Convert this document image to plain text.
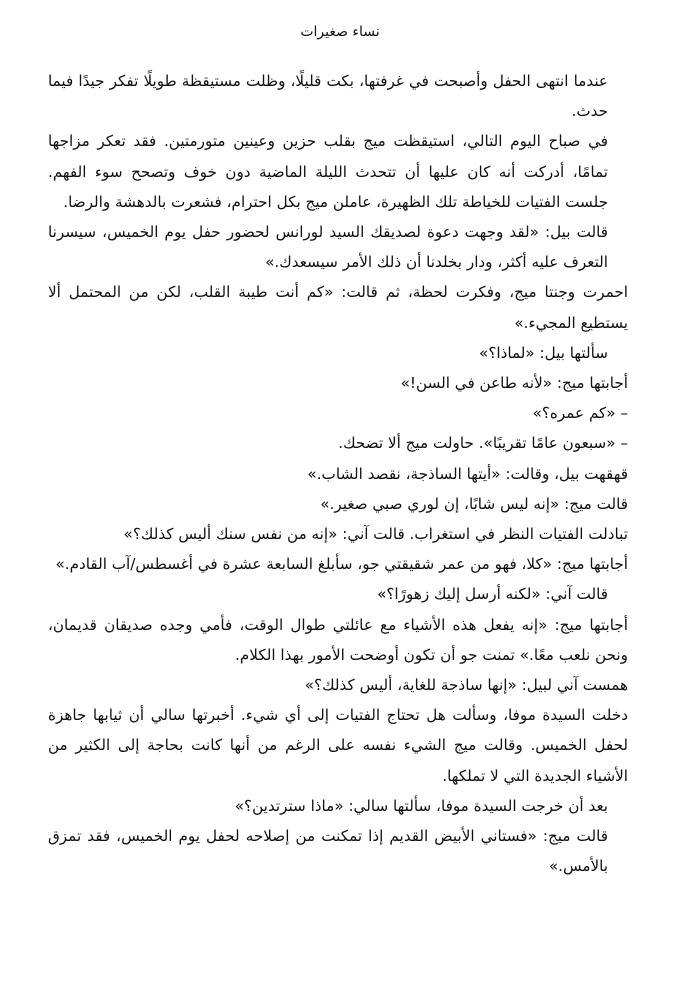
نساء صغيرات

عندما انتهى الحفل وأصبحت في غرفتها، بكت قليلًا، وظلت مستيقظة طويلًا تفكر جيدًا فيما حدث.

في صباح اليوم التالي، استيقظت ميج بقلب حزين وعينين متورمتين. فقد تعكر مزاجها تمامًا، أدركت أنه كان عليها أن تتحدث الليلة الماضية دون خوف وتصحح سوء الفهم. جلست الفتيات للخياطة تلك الظهيرة، عاملن ميج بكل احترام، فشعرت بالدهشة والرضا.

قالت بيل: «لقد وجهت دعوة لصديقك السيد لورانس لحضور حفل يوم الخميس، سيسرنا التعرف عليه أكثر، ودار بخلدنا أن ذلك الأمر سيسعدك.»

احمرت وجنتا ميج، وفكرت لحظة، ثم قالت: «كم أنت طيبة القلب، لكن من المحتمل ألا يستطيع المجيء.»

سألتها بيل: «لماذا؟»

أجابتها ميج: «لأنه طاعن في السن!»

– «كم عمره؟»

– «سبعون عامًا تقريبًا». حاولت ميج ألا تضحك.

قهقهت بيل، وقالت: «أيتها الساذجة، نقصد الشاب.»

قالت ميج: «إنه ليس شابًا، إن لوري صبي صغير.»

تبادلت الفتيات النظر في استغراب. قالت آني: «إنه من نفس سنك أليس كذلك؟»

أجابتها ميج: «كلا، فهو من عمر شقيقتي جو، سأبلغ السابعة عشرة في أغسطس/آب القادم.»

قالت آني: «لكنه أرسل إليك زهورًا؟»

أجابتها ميج: «إنه يفعل هذه الأشياء مع عائلتي طوال الوقت، فأمي وجده صديقان قديمان، ونحن نلعب معًا.» تمنت جو أن تكون أوضحت الأمور بهذا الكلام.

همست آني لبيل: «إنها ساذجة للغاية، أليس كذلك؟»

دخلت السيدة موفا، وسألت هل تحتاج الفتيات إلى أي شيء. أخبرتها سالي أن ثيابها جاهزة لحفل الخميس. وقالت ميج الشيء نفسه على الرغم من أنها كانت بحاجة إلى الكثير من الأشياء الجديدة التي لا تملكها.

بعد أن خرجت السيدة موفا، سألتها سالي: «ماذا سترتدين؟»

قالت ميج: «فستاني الأبيض القديم إذا تمكنت من إصلاحه لحفل يوم الخميس، فقد تمزق بالأمس.»
